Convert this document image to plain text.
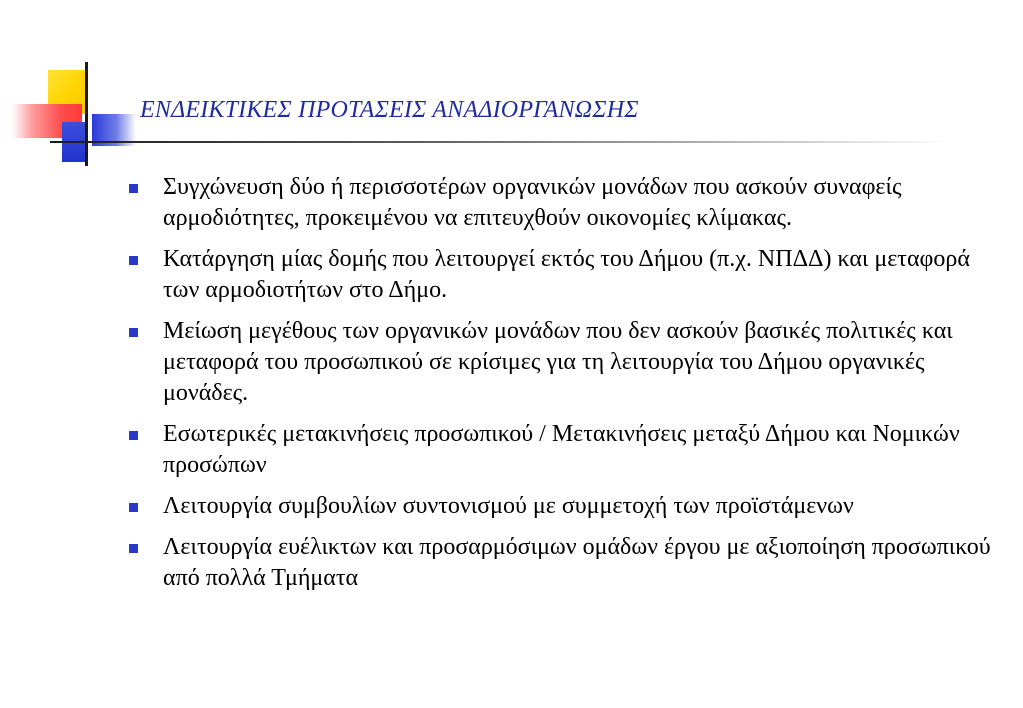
ΕΝΔΕΙΚΤΙΚΕΣ ΠΡΟΤΑΣΕΙΣ ΑΝΑΔΙΟΡΓΑΝΩΣΗΣ
Συγχώνευση δύο ή περισσοτέρων οργανικών μονάδων που ασκούν συναφείς αρμοδιότητες, προκειμένου να επιτευχθούν οικονομίες κλίμακας.
Κατάργηση μίας δομής που λειτουργεί εκτός του Δήμου (π.χ. ΝΠΔΔ) και μεταφορά των αρμοδιοτήτων στο Δήμο.
Μείωση μεγέθους των οργανικών μονάδων που δεν ασκούν βασικές πολιτικές και μεταφορά του προσωπικού σε κρίσιμες για τη λειτουργία του Δήμου οργανικές μονάδες.
Εσωτερικές μετακινήσεις προσωπικού / Μετακινήσεις μεταξύ Δήμου και Νομικών προσώπων
Λειτουργία συμβουλίων συντονισμού με συμμετοχή των προϊστάμενων
Λειτουργία ευέλικτων και προσαρμόσιμων ομάδων έργου με αξιοποίηση προσωπικού από πολλά Τμήματα
